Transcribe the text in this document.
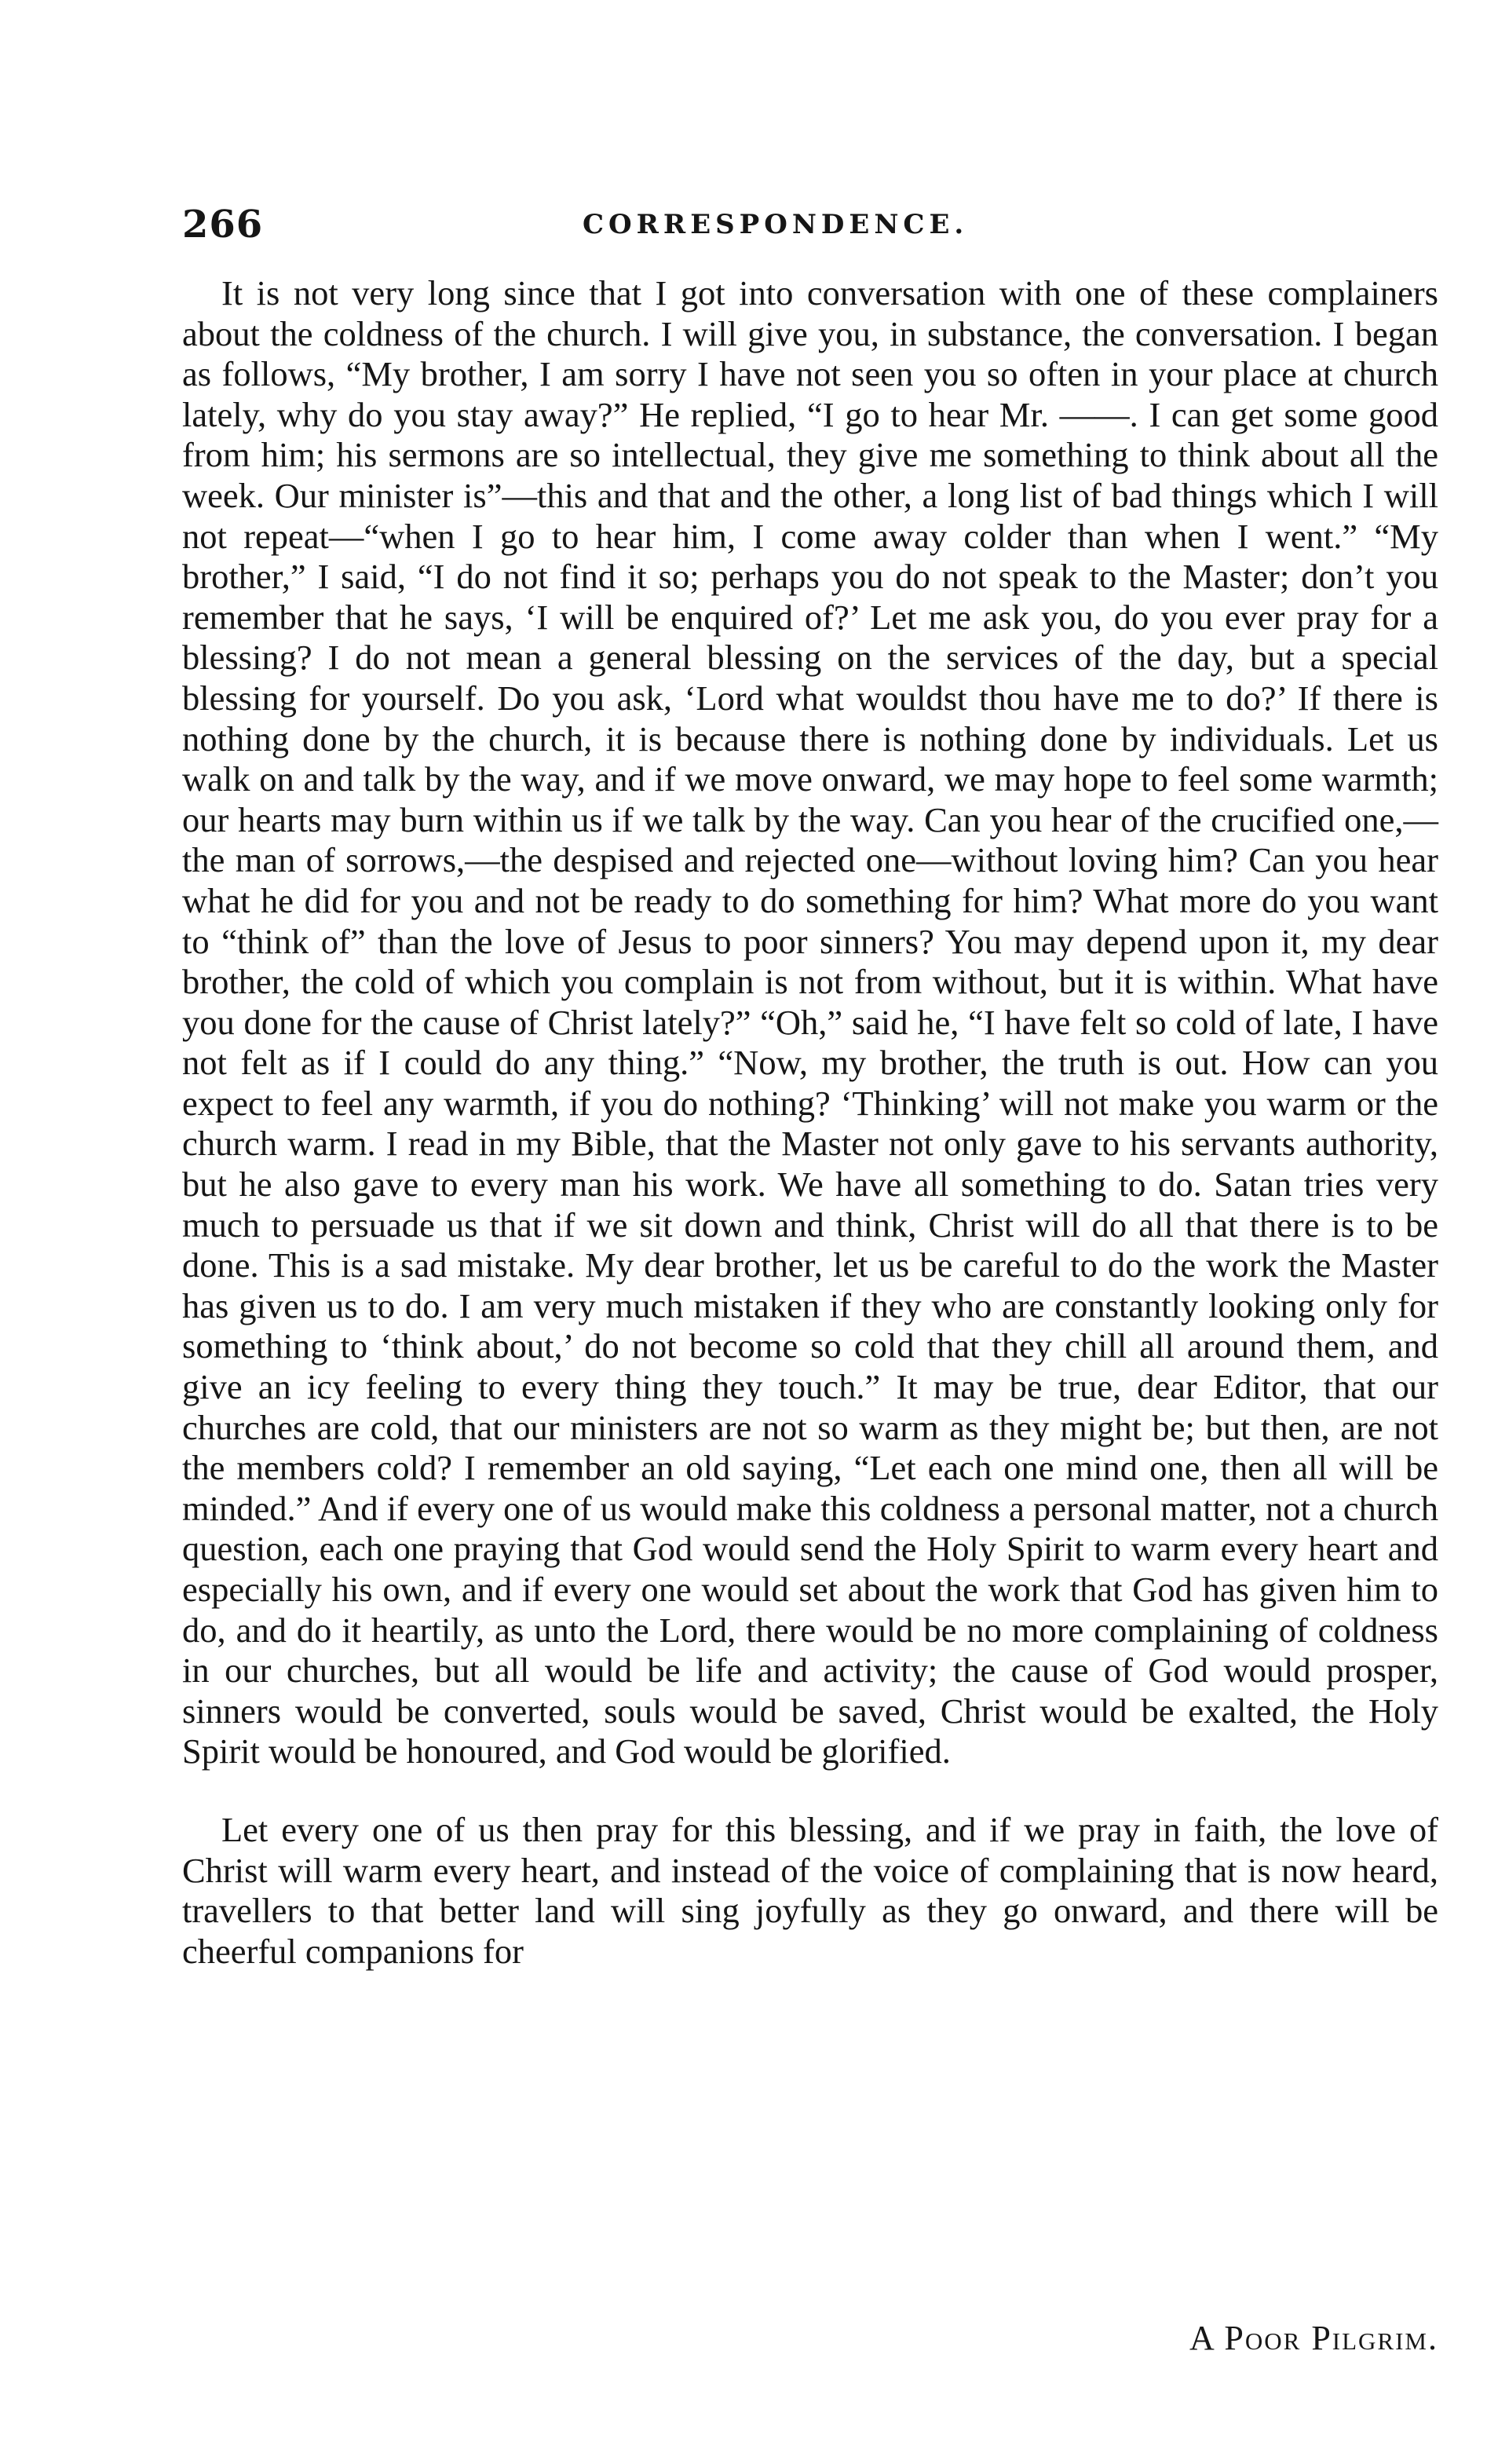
266	CORRESPONDENCE.

It is not very long since that I got into conversation with one of these complainers about the coldness of the church. I will give you, in substance, the conversation. I began as follows, “My brother, I am sorry I have not seen you so often in your place at church lately, why do you stay away?” He replied, “I go to hear Mr. ——. I can get some good from him; his sermons are so intellectual, they give me something to think about all the week. Our minister is”—this and that and the other, a long list of bad things which I will not repeat—“when I go to hear him, I come away colder than when I went.” “My brother,” I said, “I do not find it so; perhaps you do not speak to the Master; don’t you remember that he says, ‘I will be enquired of?’ Let me ask you, do you ever pray for a blessing? I do not mean a general blessing on the services of the day, but a special blessing for yourself. Do you ask, ‘Lord what wouldst thou have me to do?’ If there is nothing done by the church, it is because there is nothing done by individuals. Let us walk on and talk by the way, and if we move onward, we may hope to feel some warmth; our hearts may burn within us if we talk by the way. Can you hear of the crucified one,—the man of sorrows,—the despised and rejected one—without loving him? Can you hear what he did for you and not be ready to do something for him? What more do you want to “think of” than the love of Jesus to poor sinners? You may depend upon it, my dear brother, the cold of which you complain is not from without, but it is within. What have you done for the cause of Christ lately?” “Oh,” said he, “I have felt so cold of late, I have not felt as if I could do any thing.” “Now, my brother, the truth is out. How can you expect to feel any warmth, if you do nothing? ‘Thinking’ will not make you warm or the church warm. I read in my Bible, that the Master not only gave to his servants authority, but he also gave to every man his work. We have all something to do. Satan tries very much to persuade us that if we sit down and think, Christ will do all that there is to be done. This is a sad mistake. My dear brother, let us be careful to do the work the Master has given us to do. I am very much mistaken if they who are constantly looking only for something to ‘think about,’ do not become so cold that they chill all around them, and give an icy feeling to every thing they touch.” It may be true, dear Editor, that our churches are cold, that our ministers are not so warm as they might be; but then, are not the members cold? I remember an old saying, “Let each one mind one, then all will be minded.” And if every one of us would make this coldness a personal matter, not a church question, each one praying that God would send the Holy Spirit to warm every heart and especially his own, and if every one would set about the work that God has given him to do, and do it heartily, as unto the Lord, there would be no more complaining of coldness in our churches, but all would be life and activity; the cause of God would prosper, sinners would be converted, souls would be saved, Christ would be exalted, the Holy Spirit would be honoured, and God would be glorified.

Let every one of us then pray for this blessing, and if we pray in faith, the love of Christ will warm every heart, and instead of the voice of complaining that is now heard, travellers to that better land will sing joyfully as they go onward, and there will be cheerful companions for

A Poor Pilgrim.
